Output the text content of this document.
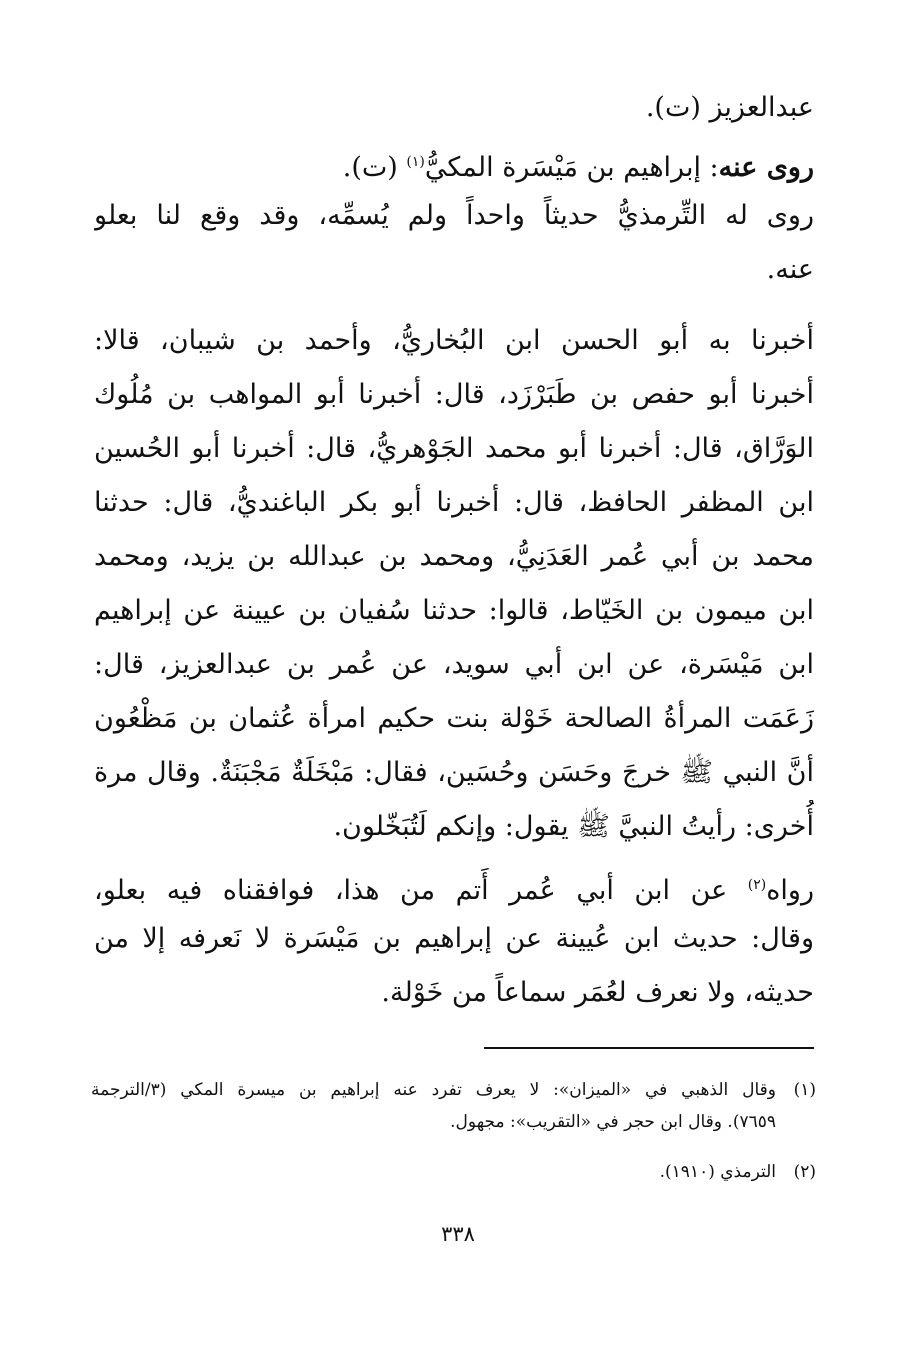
عبدالعزيز (ت).
روى عنه: إبراهيم بن مَيْسَرة المكيُّ$^{(١)}$ (ت).
روى له التِّرمذيُّ حديثاً واحداً ولم يُسمِّه، وقد وقع لنا بعلو
عنه.
أخبرنا به أبو الحسن ابن البُخاريُّ، وأحمد بن شيبان، قالا:
أخبرنا أبو حفص بن طَبَرْزَد، قال: أخبرنا أبو المواهب بن مُلُوك
الوَرَّاق، قال: أخبرنا أبو محمد الجَوْهريُّ، قال: أخبرنا أبو الحُسين
ابن المظفر الحافظ، قال: أخبرنا أبو بكر الباغنديُّ، قال: حدثنا
محمد بن أبي عُمر العَدَنِيُّ، ومحمد بن عبدالله بن يزيد، ومحمد
ابن ميمون بن الخَيّاط، قالوا: حدثنا سُفيان بن عيينة عن إبراهيم
ابن مَيْسَرة، عن ابن أبي سويد، عن عُمر بن عبدالعزيز، قال:
زَعَمَت المرأةُ الصالحة خَوْلة بنت حكيم امرأة عُثمان بن مَظْعُون
أنَّ النبي ﷺ خرجَ وحَسَن وحُسَين، فقال: مَبْخَلَةٌ مَجْبَنَةٌ. وقال مرة
أُخرى: رأيتُ النبيَّ ﷺ يقول: وإنكم لَتُبَخّلون.
رواه$^{(٢)}$ عن ابن أبي عُمر أَتم من هذا، فوافقناه فيه بعلو،
وقال: حديث ابن عُيينة عن إبراهيم بن مَيْسَرة لا نَعرفه إلا من
حديثه، ولا نعرف لعُمَر سماعاً من خَوْلة.
(١)وقال الذهبي في «الميزان»: لا يعرف تفرد عنه إبراهيم بن ميسرة المكي (٣/الترجمة
٧٦٥٩). وقال ابن حجر في «التقريب»: مجهول.
(٢)الترمذي (١٩١٠).
٣٣٨
